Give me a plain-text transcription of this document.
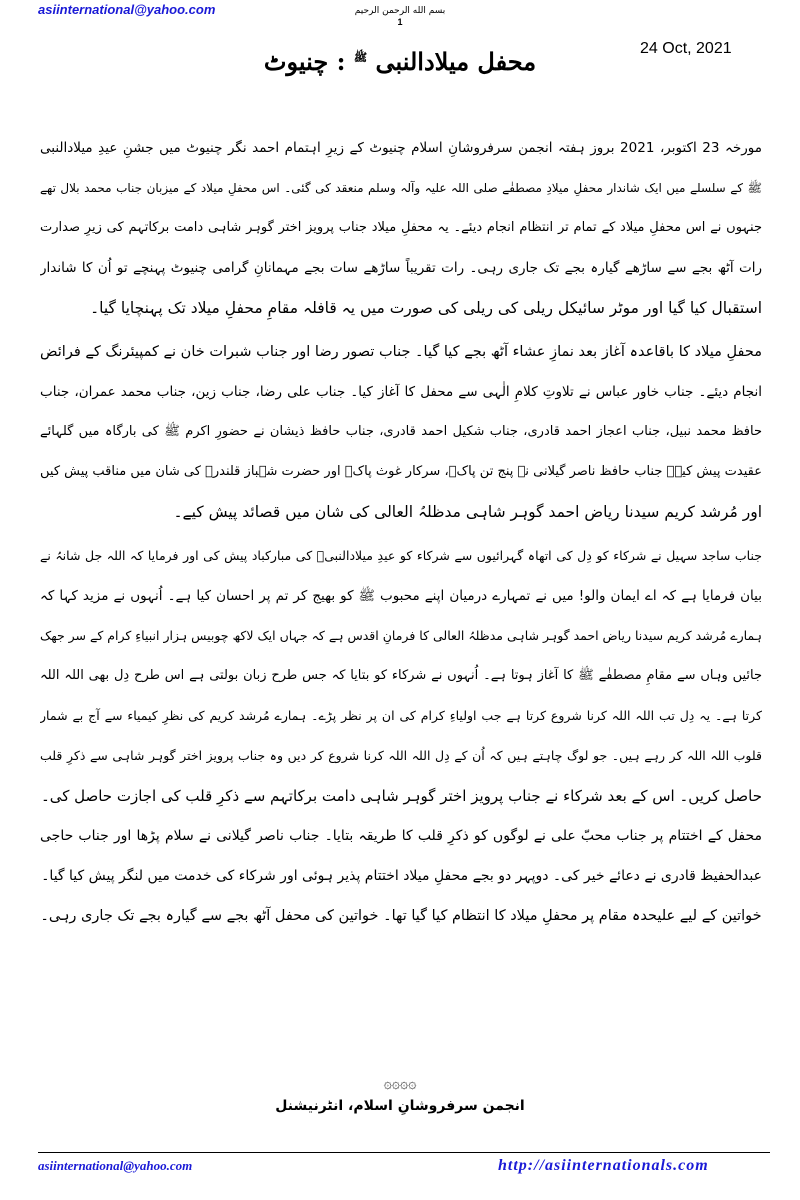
asiinternational@yahoo.com	بسم الله الرحمن الرحیم
1
24 Oct, 2021
محفل میلادالنبی $^ﷺ$ : چنیوٹ
مورخہ 23 اکتوبر، 2021 بروز ہفتہ انجمن سرفروشانِ اسلام چنیوٹ کے زیرِ اہتمام احمد نگر چنیوٹ میں جشنِ عیدِ میلادالنبی
ﷺ کے سلسلے میں ایک شاندار محفلِ میلادِ مصطفٰے صلی اللہ علیہ وآلہ وسلم منعقد کی گئی۔ اس محفلِ میلاد کے میزبان جناب محمد بلال تھے
جنہوں نے اس محفلِ میلاد کے تمام تر انتظام انجام دیئے۔ یہ محفلِ میلاد جناب پرویز اختر گوہر شاہی دامت برکاتہم کی زیرِ صدارت
رات آٹھ بجے سے ساڑھے گیارہ بجے تک جاری رہی۔ رات تقریباً ساڑھے سات بجے مہمانانِ گرامی چنیوٹ پہنچے تو اُن کا شاندار
استقبال کیا گیا اور موٹر سائیکل ریلی کی ریلی کی صورت میں یہ قافلہ مقامِ محفلِ میلاد تک پہنچایا گیا۔
محفلِ میلاد کا باقاعدہ آغاز بعد نمازِ عشاء آٹھ بجے کیا گیا۔ جناب تصور رضا اور جناب شبرات خان نے کمپیئرنگ کے فرائض
انجام دیئے۔ جناب خاور عباس نے تلاوتِ کلامِ الٰہی سے محفل کا آغاز کیا۔ جناب علی رضا، جناب زین، جناب محمد عمران، جناب
حافظ محمد نبیل، جناب اعجاز احمد قادری، جناب شکیل احمد قادری، جناب حافظ ذیشان نے حضورِ اکرم ﷺ کی بارگاہ میں گلہائے
عقیدت پیش کیے۔ جناب حافظ ناصر گیلانی نے پنج تن پاکؑ، سرکار غوث پاکؓ اور حضرت شہباز قلندرؒ کی شان میں مناقب پیش کیں
اور مُرشد کریم سیدنا ریاض احمد گوہر شاہی مدظلہُ العالی کی شان میں قصائد پیش کیے۔
جناب ساجد سہیل نے شرکاء کو دِل کی اتھاہ گہرائیوں سے شرکاء کو عیدِ میلادالنبیؐ کی مبارکباد پیش کی اور فرمایا کہ اللہ جل شانہُ نے
بیان فرمایا ہے کہ اے ایمان والو! میں نے تمہارے درمیان اپنے محبوب ﷺ کو بھیج کر تم پر احسان کیا ہے۔ اُنہوں نے مزید کہا کہ
ہمارے مُرشد کریم سیدنا ریاض احمد گوہر شاہی مدظلہُ العالی کا فرمانِ اقدس ہے کہ جہاں ایک لاکھ چوبیس ہزار انبیاءِ کرام کے سر جھک
جائیں وہاں سے مقامِ مصطفٰے ﷺ کا آغاز ہوتا ہے۔ اُنہوں نے شرکاء کو بتایا کہ جس طرح زبان بولتی ہے اس طرح دِل بھی اللہ اللہ
کرتا ہے۔ یہ دِل تب اللہ اللہ کرنا شروع کرتا ہے جب اولیاءِ کرام کی ان پر نظر پڑے۔ ہمارے مُرشد کریم کی نظرِ کیمیاء سے آج بے شمار
قلوب اللہ اللہ کر رہے ہیں۔ جو لوگ چاہتے ہیں کہ اُن کے دِل اللہ اللہ کرنا شروع کر دیں وہ جناب پرویز اختر گوہر شاہی سے ذکرِ قلب
حاصل کریں۔ اس کے بعد شرکاء نے جناب پرویز اختر گوہر شاہی دامت برکاتہم سے ذکرِ قلب کی اجازت حاصل کی۔
محفل کے اختتام پر جناب محبّ علی نے لوگوں کو ذکرِ قلب کا طریقہ بتایا۔ جناب ناصر گیلانی نے سلام پڑھا اور جناب حاجی
عبدالحفیظ قادری نے دعائے خیر کی۔ دوپہر دو بجے محفلِ میلاد اختتام پذیر ہوئی اور شرکاء کی خدمت میں لنگر پیش کیا گیا۔
خواتین کے لیے علیحدہ مقام پر محفلِ میلاد کا انتظام کیا گیا تھا۔ خواتین کی محفل آٹھ بجے سے گیارہ بجے تک جاری رہی۔
۞۞۞۞
انجمن سرفروشانِ اسلام، انٹرنیشنل
asiinternational@yahoo.com	http://asiinternationals.com
